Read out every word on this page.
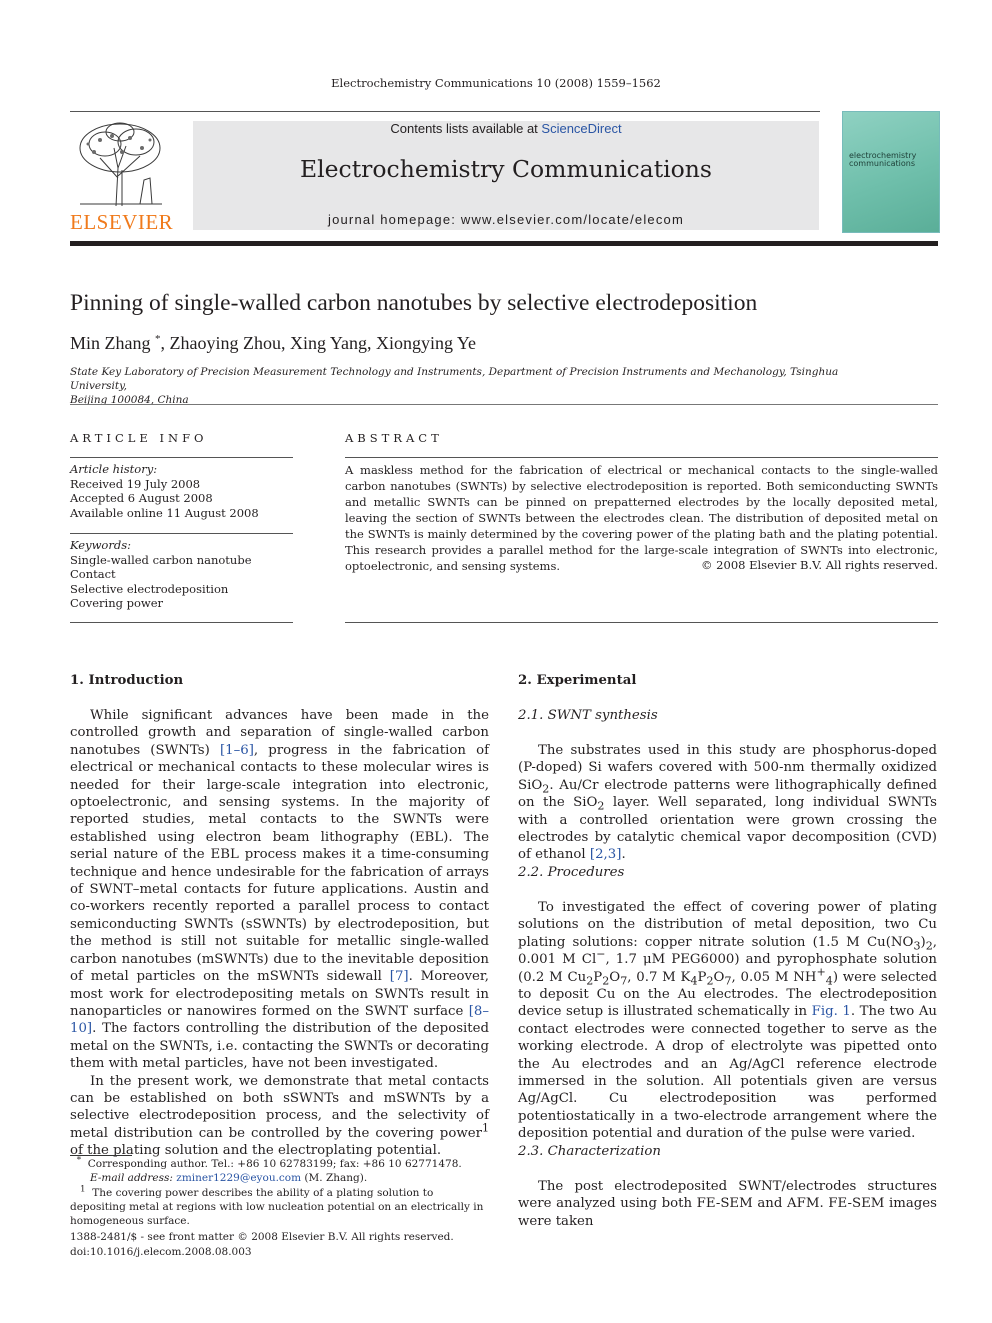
Electrochemistry Communications 10 (2008) 1559–1562
ELSEVIER
Contents lists available at ScienceDirect
Electrochemistry Communications
journal homepage: www.elsevier.com/locate/elecom
electrochemistry communications
Pinning of single-walled carbon nanotubes by selective electrodeposition
Min Zhang *, Zhaoying Zhou, Xing Yang, Xiongying Ye
State Key Laboratory of Precision Measurement Technology and Instruments, Department of Precision Instruments and Mechanology, Tsinghua University,
Beijing 100084, China
ARTICLE INFO	ABSTRACT
Article history:
Received 19 July 2008
Accepted 6 August 2008
Available online 11 August 2008
Keywords:
Single-walled carbon nanotube
Contact
Selective electrodeposition
Covering power
A maskless method for the fabrication of electrical or mechanical contacts to the single-walled carbon nanotubes (SWNTs) by selective electrodeposition is reported. Both semiconducting SWNTs and metallic SWNTs can be pinned on prepatterned electrodes by the locally deposited metal, leaving the section of SWNTs between the electrodes clean. The distribution of deposited metal on the SWNTs is mainly determined by the covering power of the plating bath and the plating potential. This research provides a parallel method for the large-scale integration of SWNTs into electronic, optoelectronic, and sensing systems.	© 2008 Elsevier B.V. All rights reserved.
1. Introduction

While significant advances have been made in the controlled growth and separation of single-walled carbon nanotubes (SWNTs) [1–6], progress in the fabrication of electrical or mechanical contacts to these molecular wires is needed for their large-scale integration into electronic, optoelectronic, and sensing systems. In the majority of reported studies, metal contacts to the SWNTs were established using electron beam lithography (EBL). The serial nature of the EBL process makes it a time-consuming technique and hence undesirable for the fabrication of arrays of SWNT–metal contacts for future applications. Austin and co-workers recently reported a parallel process to contact semiconducting SWNTs (sSWNTs) by electrodeposition, but the method is still not suitable for metallic single-walled carbon nanotubes (mSWNTs) due to the inevitable deposition of metal particles on the mSWNTs sidewall [7]. Moreover, most work for electrodepositing metals on SWNTs result in nanoparticles or nanowires formed on the SWNT surface [8–10]. The factors controlling the distribution of the deposited metal on the SWNTs, i.e. contacting the SWNTs or decorating them with metal particles, have not been investigated.

In the present work, we demonstrate that metal contacts can be established on both sSWNTs and mSWNTs by a selective electrodeposition process, and the selectivity of metal distribution can be controlled by the covering power$^1$ of the plating solution and the electroplating potential.

2. Experimental
2.1. SWNT synthesis

The substrates used in this study are phosphorus-doped (P-doped) Si wafers covered with 500-nm thermally oxidized SiO$_2$. Au/Cr electrode patterns were lithographically defined on the SiO$_2$ layer. Well separated, long individual SWNTs with a controlled orientation were grown crossing the electrodes by catalytic chemical vapor decomposition (CVD) of ethanol [2,3].

2.2. Procedures

To investigated the effect of covering power of plating solutions on the distribution of metal deposition, two Cu plating solutions: copper nitrate solution (1.5 M $Cu(NO_3)_2$, 0.001 M Cl−, 1.7 μM PEG6000) and pyrophosphate solution (0.2 M $Cu_2P_2O_7$, 0.7 M $K_4P_2O_7$, 0.05 M $NH^+_4$) were selected to deposit Cu on the Au electrodes. The electrodeposition device setup is illustrated schematically in Fig. 1. The two Au contact electrodes were connected together to serve as the working electrode. A drop of electrolyte was pipetted onto the Au electrodes and an Ag/AgCl reference electrode immersed in the solution. All potentials given are versus Ag/AgCl. Cu electrodeposition was performed potentiostatically in a two-electrode arrangement where the deposition potential and duration of the pulse were varied.

2.3. Characterization

The post electrodeposited SWNT/electrodes structures were analyzed using both FE-SEM and AFM. FE-SEM images were taken

* Corresponding author. Tel.: +86 10 62783199; fax: +86 10 62771478.
E-mail address: zminer1229@eyou.com (M. Zhang).
$^1$ The covering power describes the ability of a plating solution to depositing metal at regions with low nucleation potential on an electrically in homogeneous surface.
1388-2481/$ - see front matter © 2008 Elsevier B.V. All rights reserved.
doi:10.1016/j.elecom.2008.08.003
